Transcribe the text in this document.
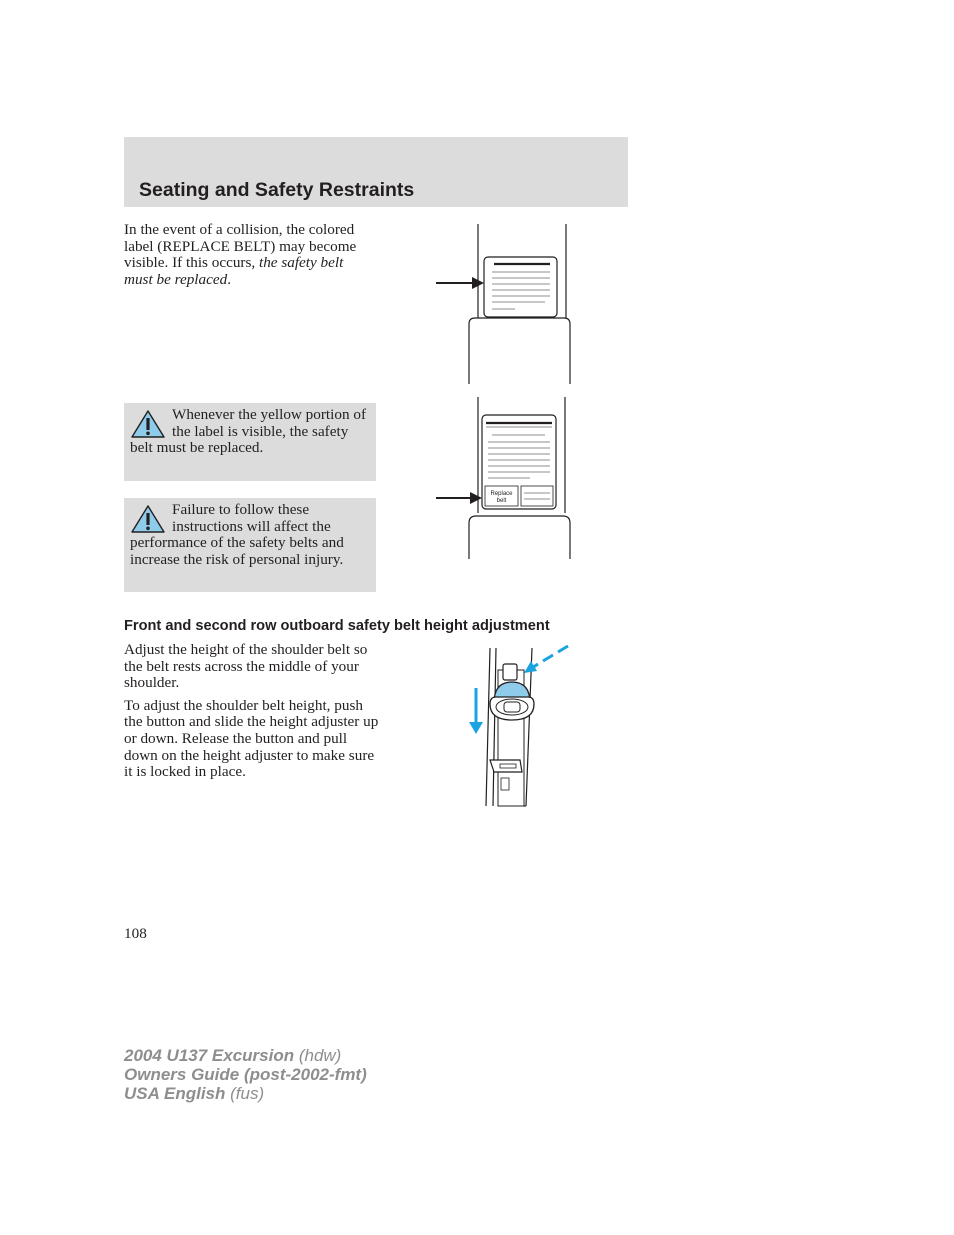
Seating and Safety Restraints
In the event of a collision, the colored label (REPLACE BELT) may become visible. If this occurs, the safety belt must be replaced.
Whenever the yellow portion of the label is visible, the safety belt must be replaced.
Failure to follow these instructions will affect the performance of the safety belts and increase the risk of personal injury.
Replace
belt
Front and second row outboard safety belt height adjustment

Adjust the height of the shoulder belt so the belt rests across the middle of your shoulder.

To adjust the shoulder belt height, push the button and slide the height adjuster up or down. Release the button and pull down on the height adjuster to make sure it is locked in place.

108
2004 U137 Excursion (hdw)
Owners Guide (post-2002-fmt)
USA English (fus)
